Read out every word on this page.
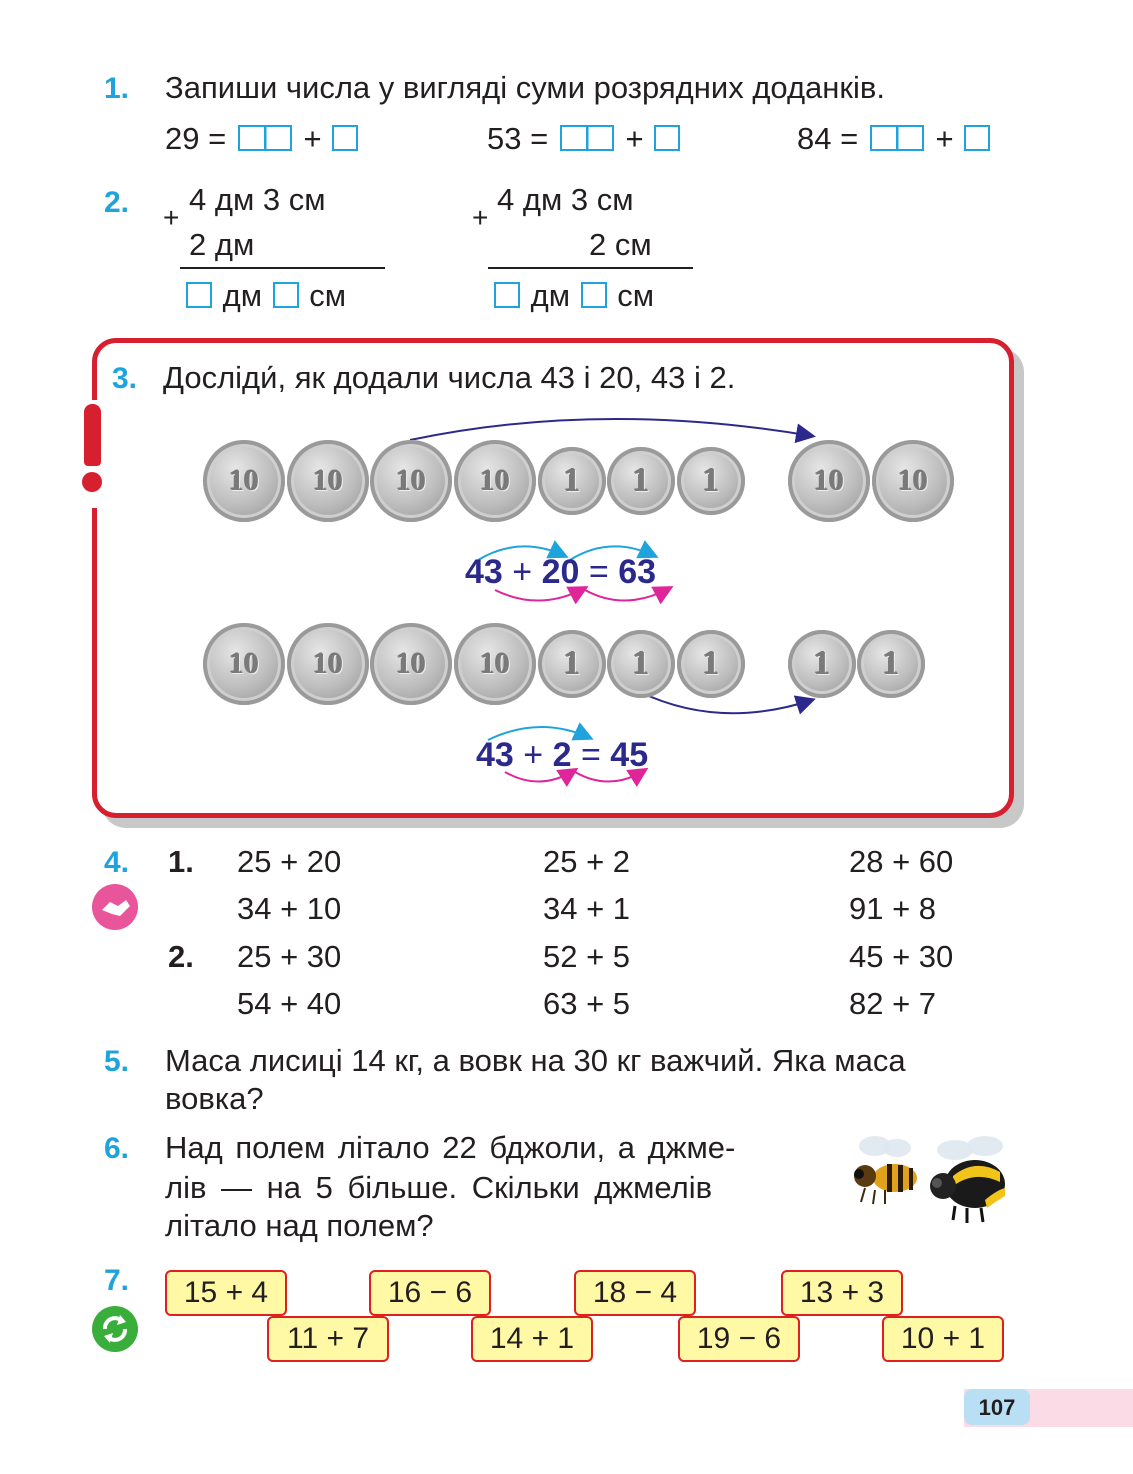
1. Запиши числа у вигляді суми розрядних доданків.
29 = +	53 = +	84 = +
2. +
4 дм 3 см
2 дм
дм см
+
4 дм 3 см
2 см
дм см
3. Досліди́, як додали числа 43 і 20, 43 і 2.
10	10	10	10	1	1	1	10	10
10	10	10	10	1	1	1	1	1
43 + 20 = 63
43 + 2 = 45
4. 1.
2.
25 + 20	25 + 2	28 + 60
34 + 10	34 + 1	91 + 8
25 + 30	52 + 5	45 + 30
54 + 40	63 + 5	82 + 7
5. Маса лисиці 14 кг, а вовк на 30 кг важчий. Яка маса
вовка?
6. Над полем літало 22 бджоли, а джме-
лів — на 5 більше. Скільки джмелів
літало над полем?
7.	15 + 4	16 − 6	18 − 4	13 + 3
11 + 7	14 + 1	19 − 6	10 + 1
107
